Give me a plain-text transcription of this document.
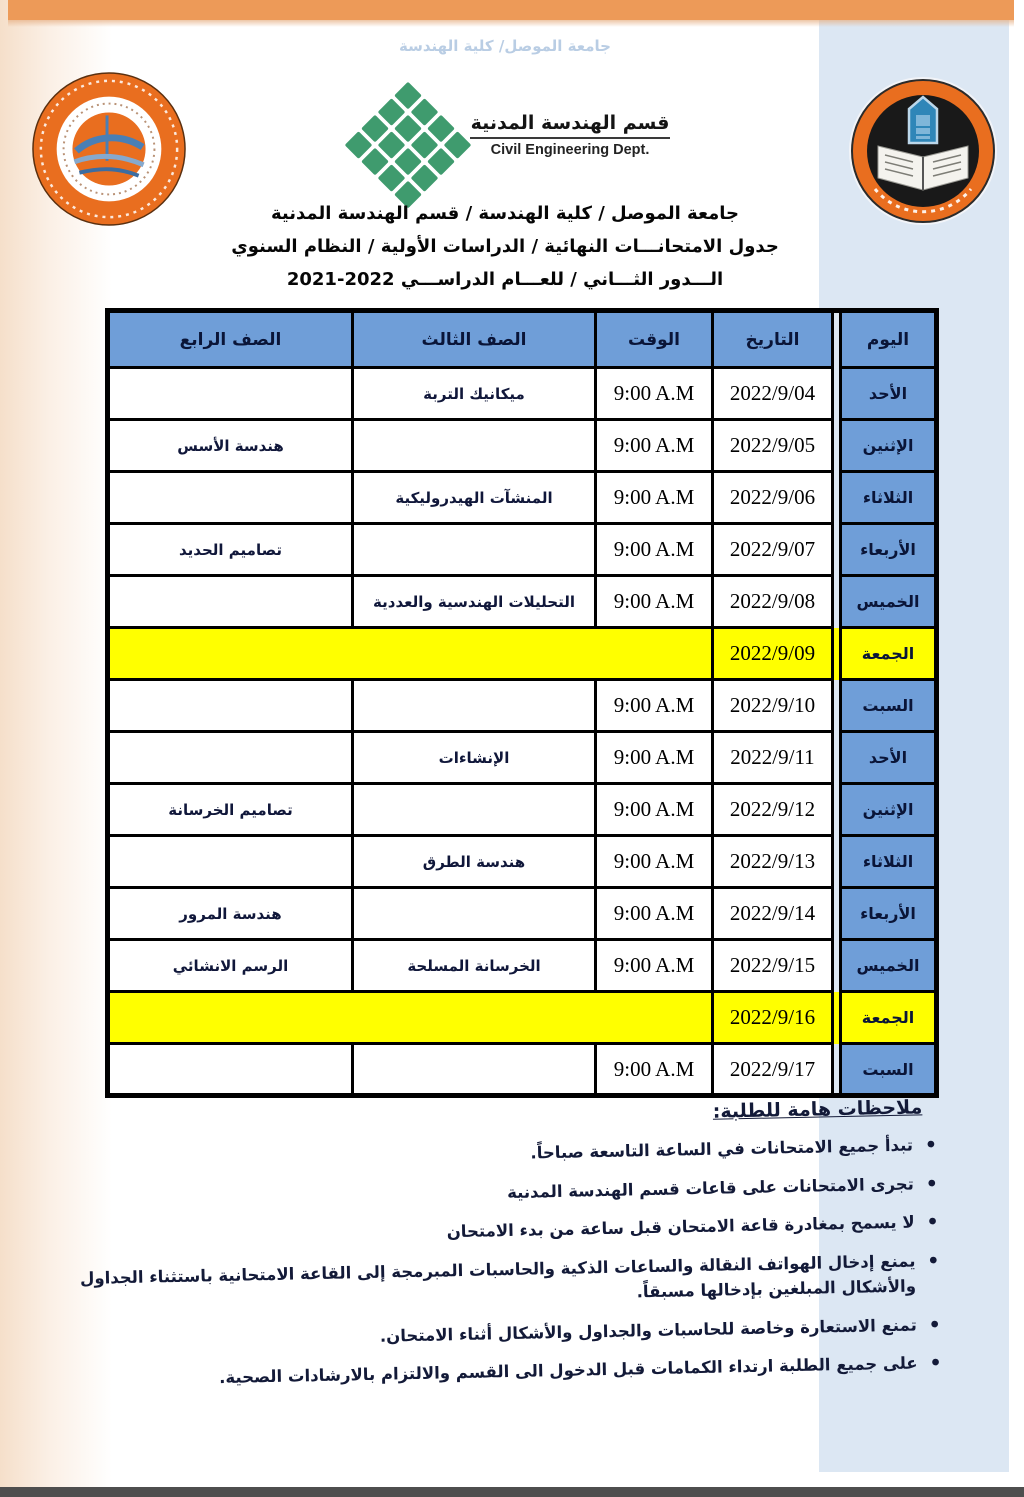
جامعة الموصل/ كلية الهندسة
قسم الهندسة المدنية
Civil Engineering Dept.
جامعة الموصل / كلية الهندسة / قسم الهندسة المدنية
جدول الامتحانـــات النهائية / الدراسات الأولية / النظام السنوي
الـــدور الثـــاني / للعـــام الدراســـي 2022-2021
الصف الرابع	الصف الثالث	الوقت	التاريخ		اليوم
	ميكانيك التربة	9:00 A.M	2022/9/04		الأحد
هندسة الأسس		9:00 A.M	2022/9/05		الإثنين
	المنشآت الهيدروليكية	9:00 A.M	2022/9/06		الثلاثاء
تصاميم الحديد		9:00 A.M	2022/9/07		الأربعاء
	التحليلات الهندسية والعددية	9:00 A.M	2022/9/08		الخميس
			2022/9/09		الجمعة
		9:00 A.M	2022/9/10		السبت
	الإنشاءات	9:00 A.M	2022/9/11		الأحد
تصاميم الخرسانة		9:00 A.M	2022/9/12		الإثنين
	هندسة الطرق	9:00 A.M	2022/9/13		الثلاثاء
هندسة المرور		9:00 A.M	2022/9/14		الأربعاء
الرسم الانشائي	الخرسانة المسلحة	9:00 A.M	2022/9/15		الخميس
			2022/9/16		الجمعة
		9:00 A.M	2022/9/17		السبت
ملاحظات هامة للطلبة:
• تبدأ جميع الامتحانات في الساعة التاسعة صباحاً.
• تجرى الامتحانات على قاعات قسم الهندسة المدنية
• لا يسمح بمغادرة قاعة الامتحان قبل ساعة من بدء الامتحان
• يمنع إدخال الهواتف النقالة والساعات الذكية والحاسبات المبرمجة إلى القاعة الامتحانية باستثناء الجداول والأشكال المبلغين بإدخالها مسبقاً.
• تمنع الاستعارة وخاصة للحاسبات والجداول والأشكال أثناء الامتحان.
• على جميع الطلبة ارتداء الكمامات قبل الدخول الى القسم والالتزام بالارشادات الصحية.
